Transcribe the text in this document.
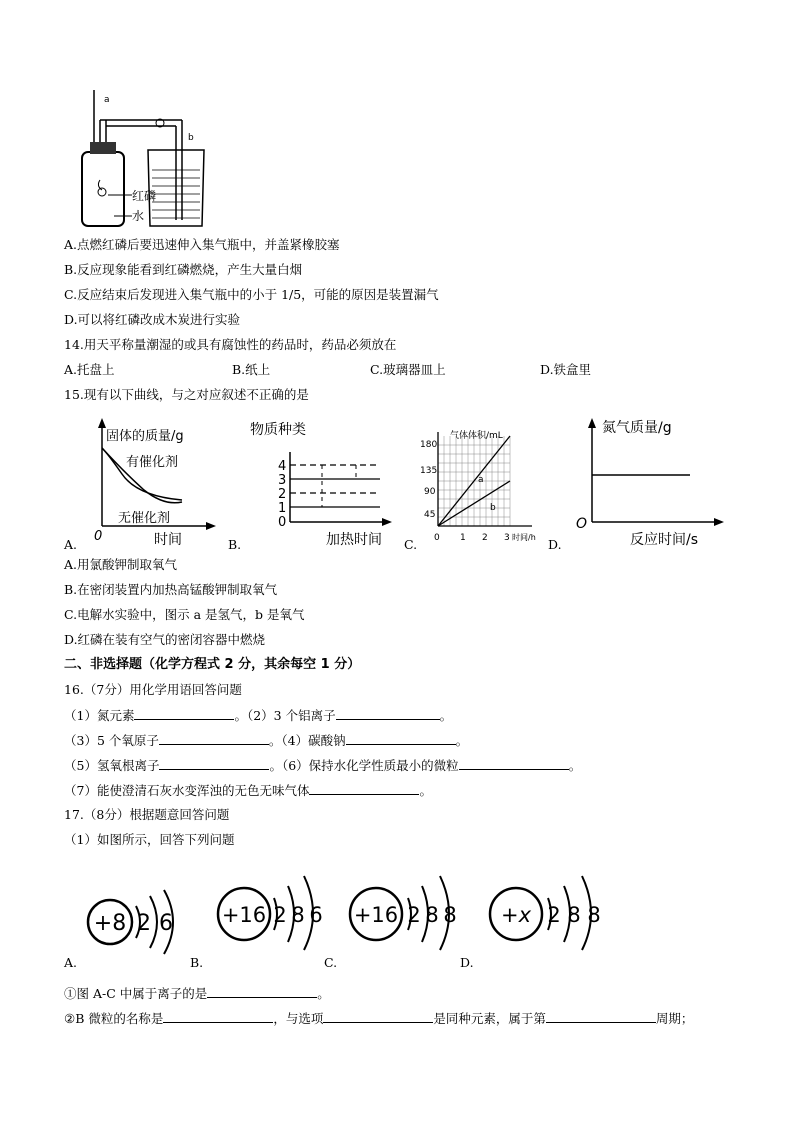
a
b
红磷
水
A.点燃红磷后要迅速伸入集气瓶中，并盖紧橡胶塞
B.反应现象能看到红磷燃烧，产生大量白烟
C.反应结束后发现进入集气瓶中的小于 1/5，可能的原因是装置漏气
D.可以将红磷改成木炭进行实验
14.用天平称量潮湿的或具有腐蚀性的药品时，药品必须放在
A.托盘上	B.纸上	C.玻璃器皿上	D.铁盒里
15.现有以下曲线，与之对应叙述不正确的是
固体的质量/g
有催化剂
无催化剂
0	时间
A.
物质种类
0
1
2
3
4
加热时间
B.
a
b
气体体积/mL
180
135
90
45
0 1 2 3 时间/h
C.
氮气质量/g
O
反应时间/s
D.
A.用氯酸钾制取氧气
B.在密闭装置内加热高锰酸钾制取氧气
C.电解水实验中，图示 a 是氢气，b 是氧气
D.红磷在装有空气的密闭容器中燃烧
二、非选择题（化学方程式 2 分，其余每空 1 分）
16.（7分）用化学用语回答问题
（1）氮元素	。（2）3 个铝离子	。
（3）5 个氧原子	。（4）碳酸钠	。
（5）氢氧根离子	。（6）保持水化学性质最小的微粒	。
（7）能使澄清石灰水变浑浊的无色无味气体	。
17.（8分）根据题意回答问题
（1）如图所示，回答下列问题
+8 2 6
A.
+16 2 8 6
B.
+16 2 8 8
C.
+x 2 8 8
D.
①图 A-C 中属于离子的是	。
②B 微粒的名称是	，与选项	是同种元素，属于第	周期；
